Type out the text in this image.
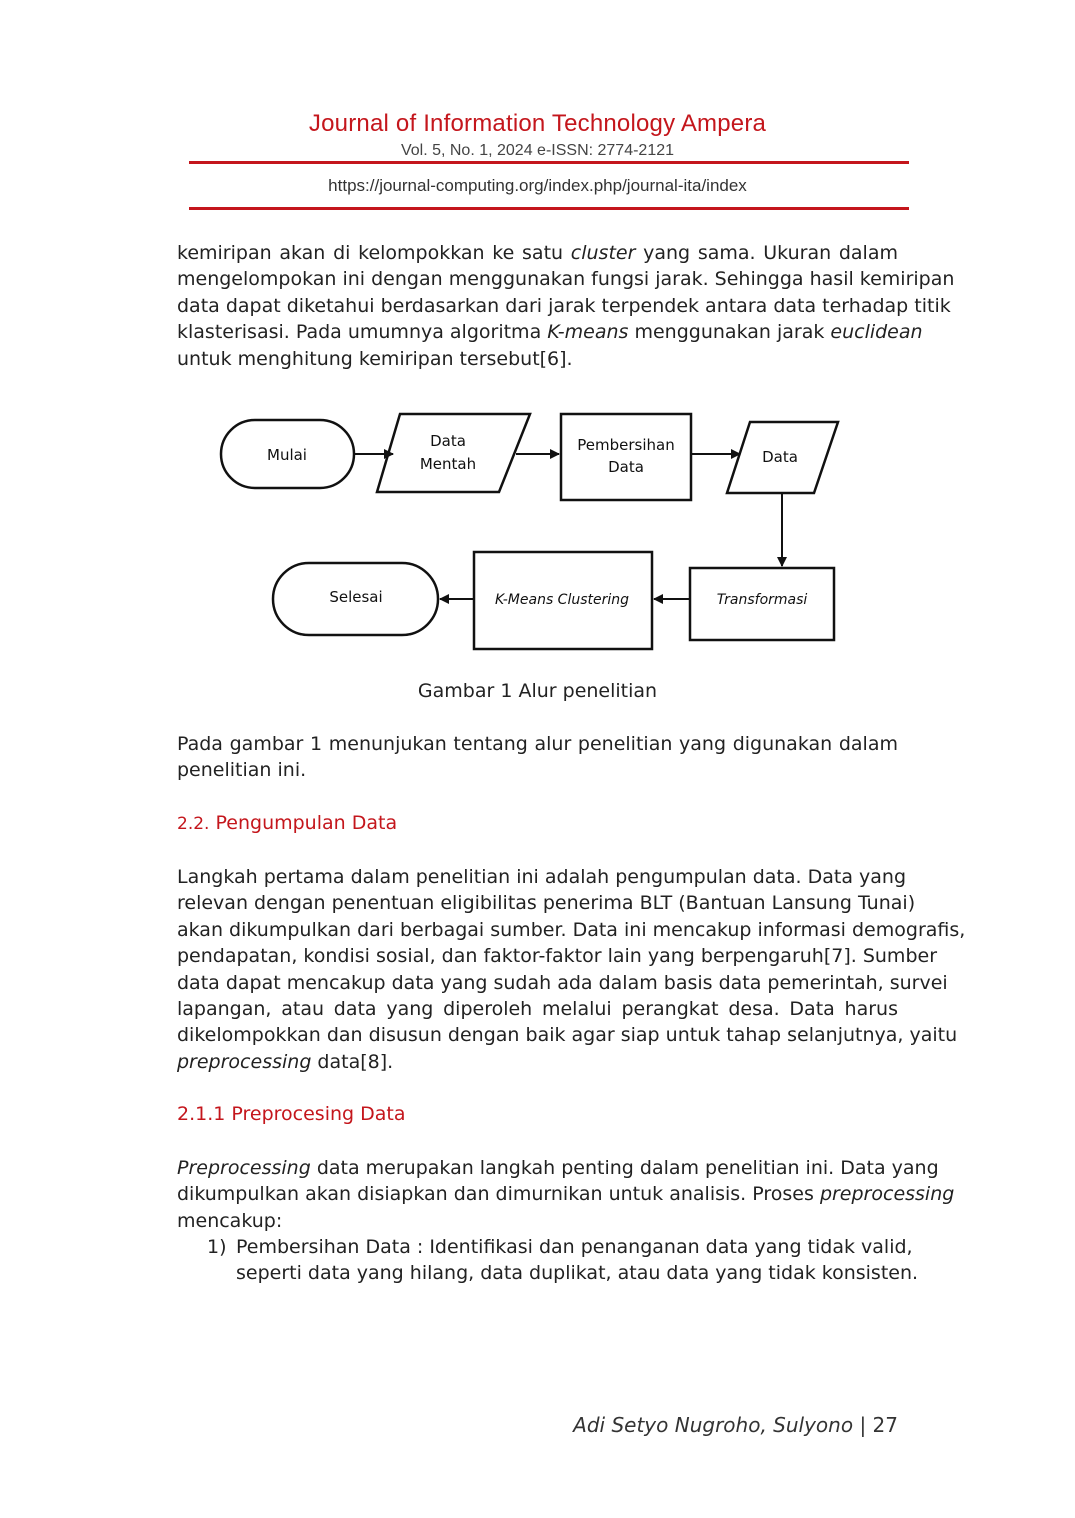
Journal of Information Technology Ampera
Vol. 5, No. 1, 2024 e-ISSN: 2774-2121
https://journal-computing.org/index.php/journal-ita/index
kemiripan akan di kelompokkan ke satu cluster yang sama. Ukuran dalam
mengelompokan ini dengan menggunakan fungsi jarak. Sehingga hasil kemiripan
data dapat diketahui berdasarkan dari jarak terpendek antara data terhadap titik
klasterisasi. Pada umumnya algoritma K-means menggunakan jarak euclidean
untuk menghitung kemiripan tersebut[6].
Mulai
Data
Mentah
Pembersihan
Data
Data
Transformasi
K-Means Clustering
Selesai
Gambar 1 Alur penelitian
Pada gambar 1 menunjukan tentang alur penelitian yang digunakan dalam
penelitian ini.
2.2. Pengumpulan Data
Langkah pertama dalam penelitian ini adalah pengumpulan data. Data yang
relevan dengan penentuan eligibilitas penerima BLT (Bantuan Lansung Tunai)
akan dikumpulkan dari berbagai sumber. Data ini mencakup informasi demografis,
pendapatan, kondisi sosial, dan faktor-faktor lain yang berpengaruh[7]. Sumber
data dapat mencakup data yang sudah ada dalam basis data pemerintah, survei
lapangan, atau data yang diperoleh melalui perangkat desa. Data harus
dikelompokkan dan disusun dengan baik agar siap untuk tahap selanjutnya, yaitu
preprocessing data[8].
2.1.1 Preprocesing Data
Preprocessing data merupakan langkah penting dalam penelitian ini. Data yang
dikumpulkan akan disiapkan dan dimurnikan untuk analisis. Proses preprocessing
mencakup:
1) Pembersihan Data : Identifikasi dan penanganan data yang tidak valid,
seperti data yang hilang, data duplikat, atau data yang tidak konsisten.
Adi Setyo Nugroho, Sulyono | 27
